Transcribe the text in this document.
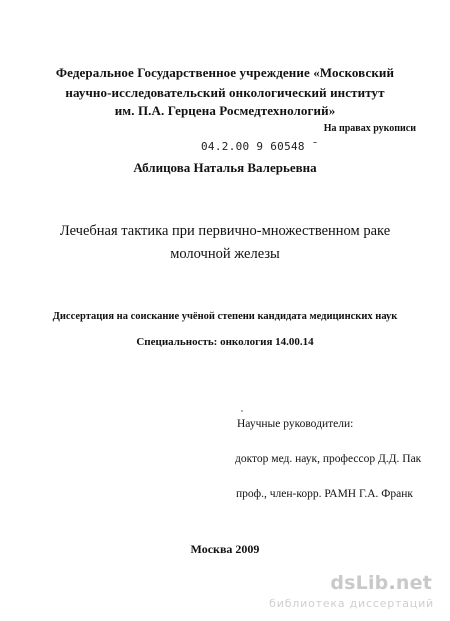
Федеральное Государственное учреждение «Московский
научно-исследовательский онкологический институт
им. П.А. Герцена Росмедтехнологий»
На правах рукописи
04.2.00 9 60548 ˉ
Аблицова Наталья Валерьевна
Лечебная тактика при первично-множественном раке
молочной железы
Диссертация на соискание учёной степени кандидата медицинских наук
Специальность: онкология 14.00.14
Научные руководители:
доктор мед. наук, профессор Д.Д. Пак
проф., член-корр. РАМН Г.А. Франк
Москва 2009
dsLib.net
библиотека диссертаций
